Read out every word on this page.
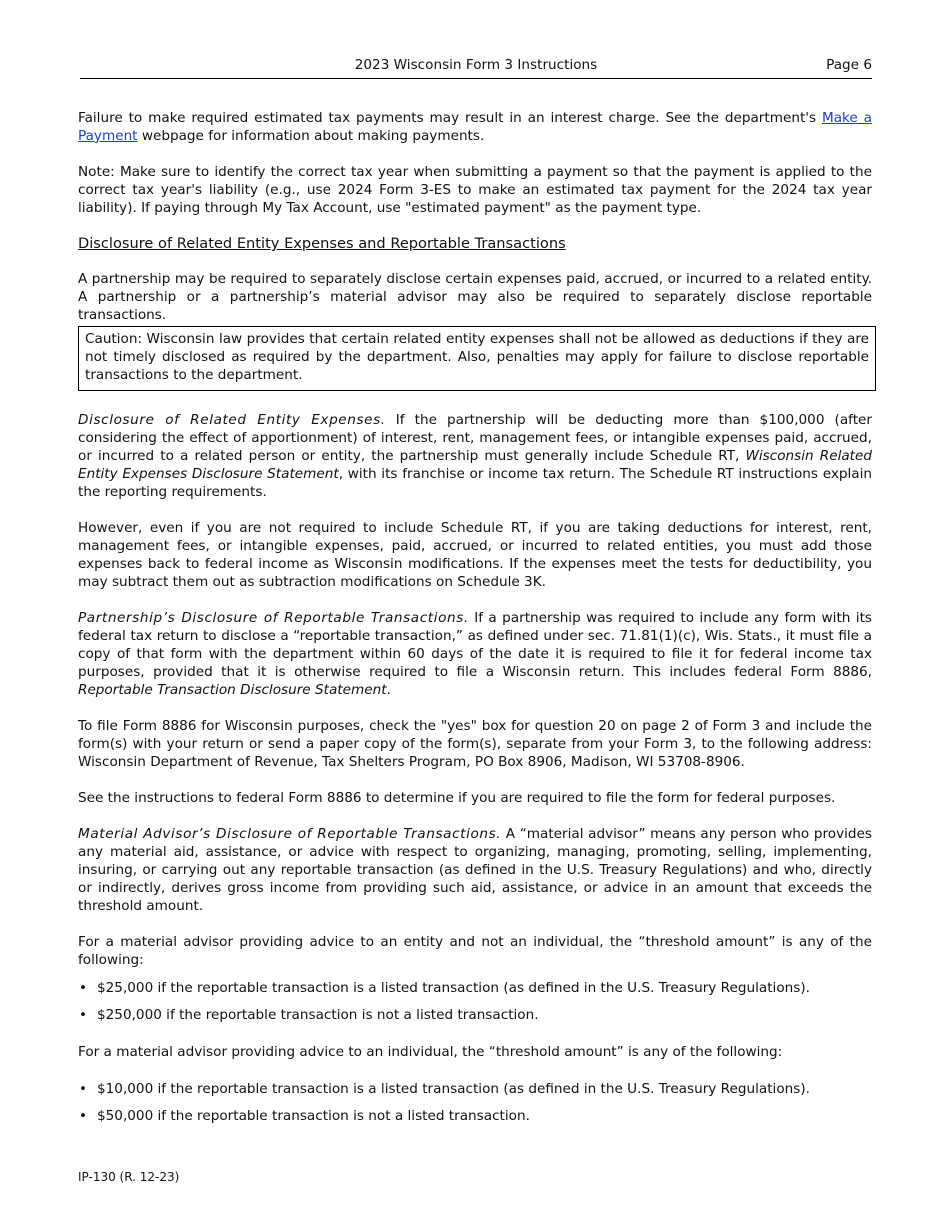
2023 Wisconsin Form 3 Instructions	Page 6

Failure to make required estimated tax payments may result in an interest charge. See the department's Make a Payment webpage for information about making payments.

Note: Make sure to identify the correct tax year when submitting a payment so that the payment is applied to the correct tax year's liability (e.g., use 2024 Form 3-ES to make an estimated tax payment for the 2024 tax year liability). If paying through My Tax Account, use "estimated payment" as the payment type.

Disclosure of Related Entity Expenses and Reportable Transactions

A partnership may be required to separately disclose certain expenses paid, accrued, or incurred to a related entity. A partnership or a partnership’s material advisor may also be required to separately disclose reportable transactions.

Caution: Wisconsin law provides that certain related entity expenses shall not be allowed as deductions if they are not timely disclosed as required by the department. Also, penalties may apply for failure to disclose reportable transactions to the department.

Disclosure of Related Entity Expenses. If the partnership will be deducting more than $100,000 (after considering the effect of apportionment) of interest, rent, management fees, or intangible expenses paid, accrued, or incurred to a related person or entity, the partnership must generally include Schedule RT, Wisconsin Related Entity Expenses Disclosure Statement, with its franchise or income tax return. The Schedule RT instructions explain the reporting requirements.

However, even if you are not required to include Schedule RT, if you are taking deductions for interest, rent, management fees, or intangible expenses, paid, accrued, or incurred to related entities, you must add those expenses back to federal income as Wisconsin modifications. If the expenses meet the tests for deductibility, you may subtract them out as subtraction modifications on Schedule 3K.

Partnership’s Disclosure of Reportable Transactions. If a partnership was required to include any form with its federal tax return to disclose a “reportable transaction,” as defined under sec. 71.81(1)(c), Wis. Stats., it must file a copy of that form with the department within 60 days of the date it is required to file it for federal income tax purposes, provided that it is otherwise required to file a Wisconsin return. This includes federal Form 8886, Reportable Transaction Disclosure Statement.

To file Form 8886 for Wisconsin purposes, check the "yes" box for question 20 on page 2 of Form 3 and include the form(s) with your return or send a paper copy of the form(s), separate from your Form 3, to the following address: Wisconsin Department of Revenue, Tax Shelters Program, PO Box 8906, Madison, WI 53708-8906.

See the instructions to federal Form 8886 to determine if you are required to file the form for federal purposes.

Material Advisor’s Disclosure of Reportable Transactions. A “material advisor” means any person who provides any material aid, assistance, or advice with respect to organizing, managing, promoting, selling, implementing, insuring, or carrying out any reportable transaction (as defined in the U.S. Treasury Regulations) and who, directly or indirectly, derives gross income from providing such aid, assistance, or advice in an amount that exceeds the threshold amount.

For a material advisor providing advice to an entity and not an individual, the “threshold amount” is any of the following:

• $25,000 if the reportable transaction is a listed transaction (as defined in the U.S. Treasury Regulations).
• $250,000 if the reportable transaction is not a listed transaction.

For a material advisor providing advice to an individual, the “threshold amount” is any of the following:

• $10,000 if the reportable transaction is a listed transaction (as defined in the U.S. Treasury Regulations).
• $50,000 if the reportable transaction is not a listed transaction.
IP-130 (R. 12-23)
